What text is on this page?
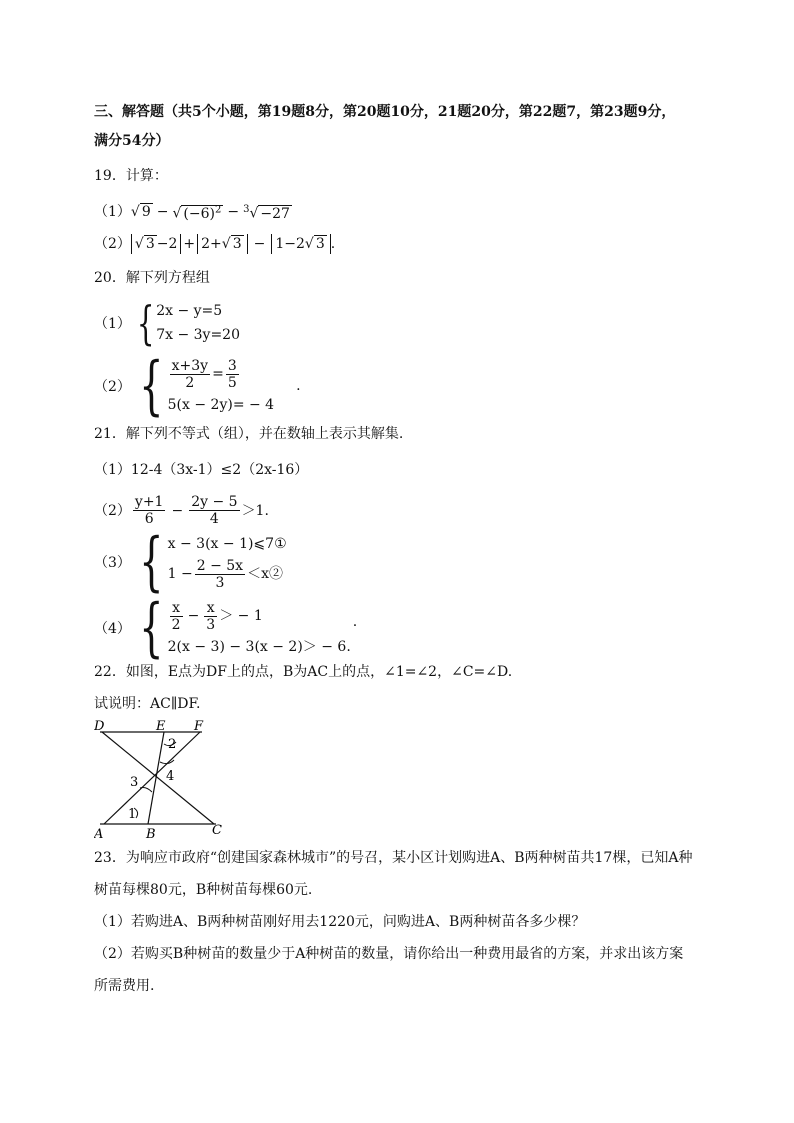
三、解答题（共5个小题，第19题8分，第20题10分，21题20分，第22题7，第23题9分，
满分54分）
19．计算：
（1） √ 9 − √ $(-6)^2 - ^3√ -27$
（2） √ 3 −2 + 2+√ 3 − 1−2√ 3 .
20．解下列方程组
（1） { 2x − y=5
7x − 3y=20
（2） { $\frac{x+3y}{2} = \frac{3}{5}$
5(x − 2y)= − 4
.
21．解下列不等式（组），并在数轴上表示其解集.
（1）12-4（3x-1）≤2（2x-16）
$(2) \frac{y+1}{6} - \frac{2y - 5}{4} >1$.
（3） { x − 3(x − 1)⩽7①
$1 - \frac{2 - 5x}{3}$ ＜x②
（4） { $\frac{x}{2} - \frac{x}{3}$ ＞ − 1
2(x − 3) − 3(x − 2)＞ − 6.
.
22．如图，E点为DF上的点，B为AC上的点，∠1=∠2，∠C=∠D.
试说明：AC∥DF.
D	E F
A	B	C
2
4
3
1
23．为响应市政府“创建国家森林城市”的号召，某小区计划购进A、B两种树苗共17棵，已知A种
树苗每棵80元，B种树苗每棵60元.
（1）若购进A、B两种树苗刚好用去1220元，问购进A、B两种树苗各多少棵？
（2）若购买B种树苗的数量少于A种树苗的数量，请你给出一种费用最省的方案，并求出该方案
所需费用.
